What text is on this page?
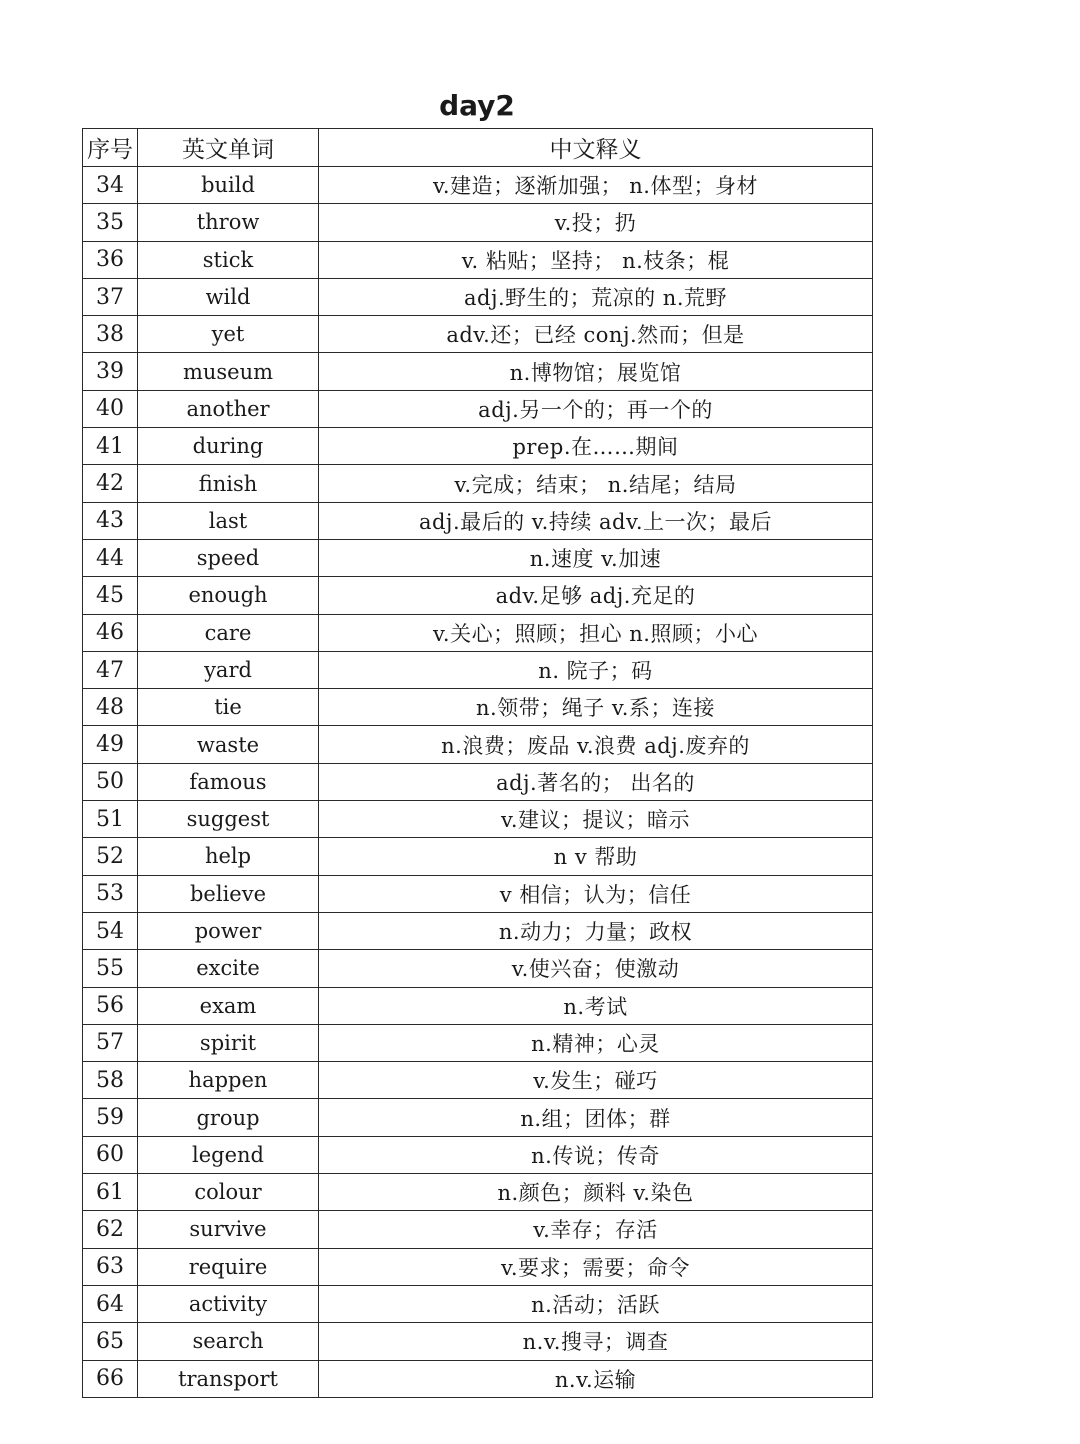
day2
序号	英文单词	中文释义
34	build	v.建造；逐渐加强； n.体型；身材
35	throw	v.投；扔
36	stick	v. 粘贴；坚持； n.枝条；棍
37	wild	adj.野生的；荒凉的 n.荒野
38	yet	adv.还；已经 conj.然而；但是
39	museum	n.博物馆；展览馆
40	another	adj.另一个的；再一个的
41	during	prep.在……期间
42	finish	v.完成；结束； n.结尾；结局
43	last	adj.最后的 v.持续 adv.上一次；最后
44	speed	n.速度 v.加速
45	enough	adv.足够 adj.充足的
46	care	v.关心；照顾；担心 n.照顾；小心
47	yard	n. 院子；码
48	tie	n.领带；绳子 v.系；连接
49	waste	n.浪费；废品 v.浪费 adj.废弃的
50	famous	adj.著名的； 出名的
51	suggest	v.建议；提议；暗示
52	help	n v 帮助
53	believe	v 相信；认为；信任
54	power	n.动力；力量；政权
55	excite	v.使兴奋；使激动
56	exam	n.考试
57	spirit	n.精神；心灵
58	happen	v.发生；碰巧
59	group	n.组；团体；群
60	legend	n.传说；传奇
61	colour	n.颜色；颜料 v.染色
62	survive	v.幸存；存活
63	require	v.要求；需要；命令
64	activity	n.活动；活跃
65	search	n.v.搜寻；调查
66	transport	n.v.运输
